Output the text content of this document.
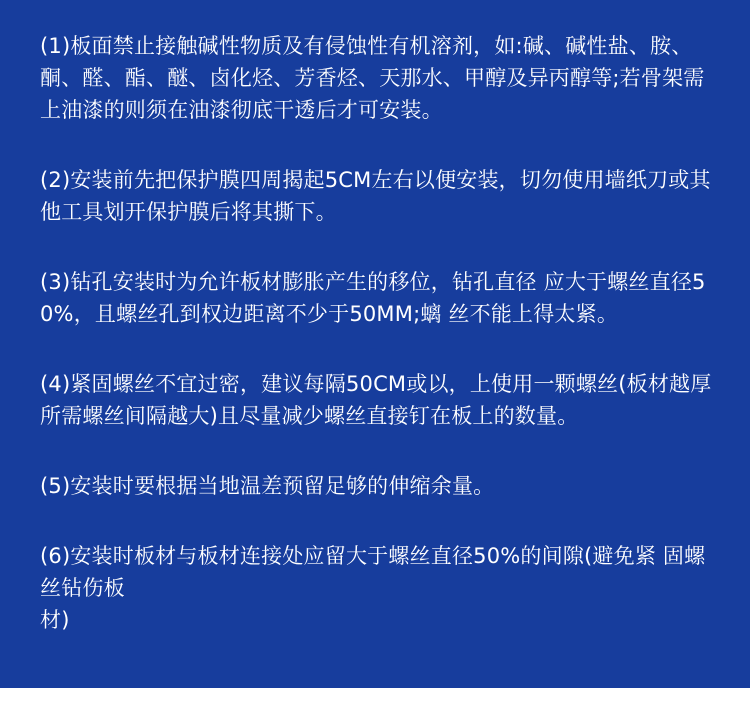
(1)板面禁止接触碱性物质及有侵蚀性有机溶剂，如:碱、碱性盐、胺、酮、醛、酯、醚、卤化烃、芳香烃、天那水、甲醇及异丙醇等;若骨架需上油漆的则须在油漆彻底干透后才可安装。

(2)安装前先把保护膜四周揭起5CM左右以便安装，切勿使用墙纸刀或其他工具划开保护膜后将其撕下。

(3)钻孔安装时为允许板材膨胀产生的移位，钻孔直径 应大于螺丝直径50%，且螺丝孔到权边距离不少于50MM;螭 丝不能上得太紧。

(4)紧固螺丝不宜过密，建议每隔50CM或以，上使用一颗螺丝(板材越厚所需螺丝间隔越大)且尽量减少螺丝直接钉在板上的数量。

(5)安装时要根据当地温差预留足够的伸缩余量。

(6)安装时板材与板材连接处应留大于螺丝直径50%的间隙(避免紧 固螺丝钻伤板
材)
